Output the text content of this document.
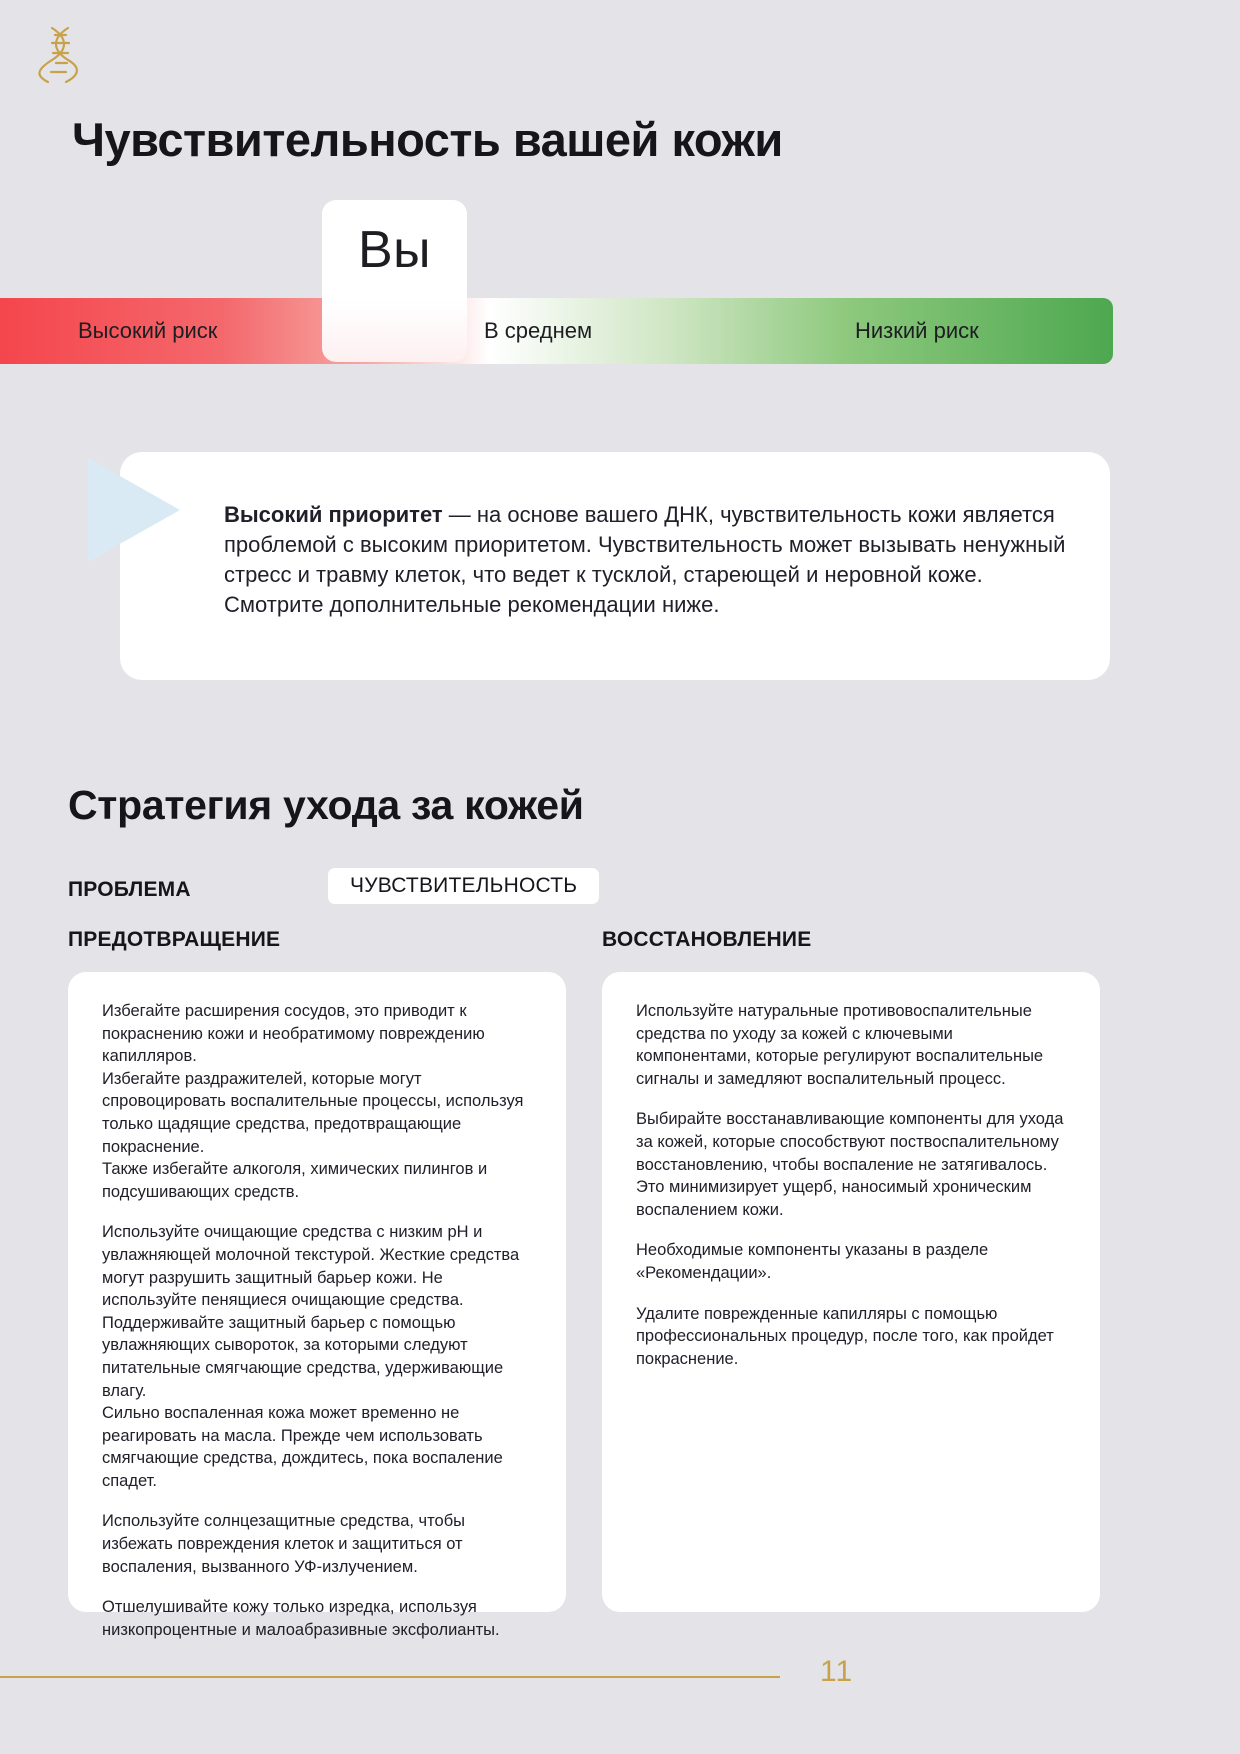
Чувствительность вашей кожи
Вы
Высокий риск	В среднем	Низкий риск
Высокий приоритет — на основе вашего ДНК, чувствительность кожи является проблемой с высоким приоритетом. Чувствительность может вызывать ненужный стресс и травму клеток, что ведет к тусклой, стареющей и неровной коже. Смотрите дополнительные рекомендации ниже.
Стратегия ухода за кожей
ПРОБЛЕМА	ЧУВСТВИТЕЛЬНОСТЬ
ПРЕДОТВРАЩЕНИЕ	ВОССТАНОВЛЕНИЕ

Избегайте расширения сосудов, это приводит к покраснению кожи и необратимому повреждению капилляров.
Избегайте раздражителей, которые могут спровоцировать воспалительные процессы, используя только щадящие средства, предотвращающие покраснение.
Также избегайте алкоголя, химических пилингов и подсушивающих средств.

Используйте очищающие средства с низким pH и увлажняющей молочной текстурой. Жесткие средства могут разрушить защитный барьер кожи. Не используйте пенящиеся очищающие средства. Поддерживайте защитный барьер с помощью увлажняющих сывороток, за которыми следуют питательные смягчающие средства, удерживающие влагу.
Сильно воспаленная кожа может временно не реагировать на масла. Прежде чем использовать смягчающие средства, дождитесь, пока воспаление спадет.

Используйте солнцезащитные средства, чтобы избежать повреждения клеток и защититься от воспаления, вызванного УФ-излучением.

Отшелушивайте кожу только изредка, используя низкопроцентные и малоабразивные эксфолианты.

Используйте натуральные противовоспалительные средства по уходу за кожей с ключевыми компонентами, которые регулируют воспалительные сигналы и замедляют воспалительный процесс.

Выбирайте восстанавливающие компоненты для ухода за кожей, которые способствуют поствоспалительному восстановлению, чтобы воспаление не затягивалось.
Это минимизирует ущерб, наносимый хроническим воспалением кожи.

Необходимые компоненты указаны в разделе «Рекомендации».

Удалите поврежденные капилляры с помощью профессиональных процедур, после того, как пройдет покраснение.

11
